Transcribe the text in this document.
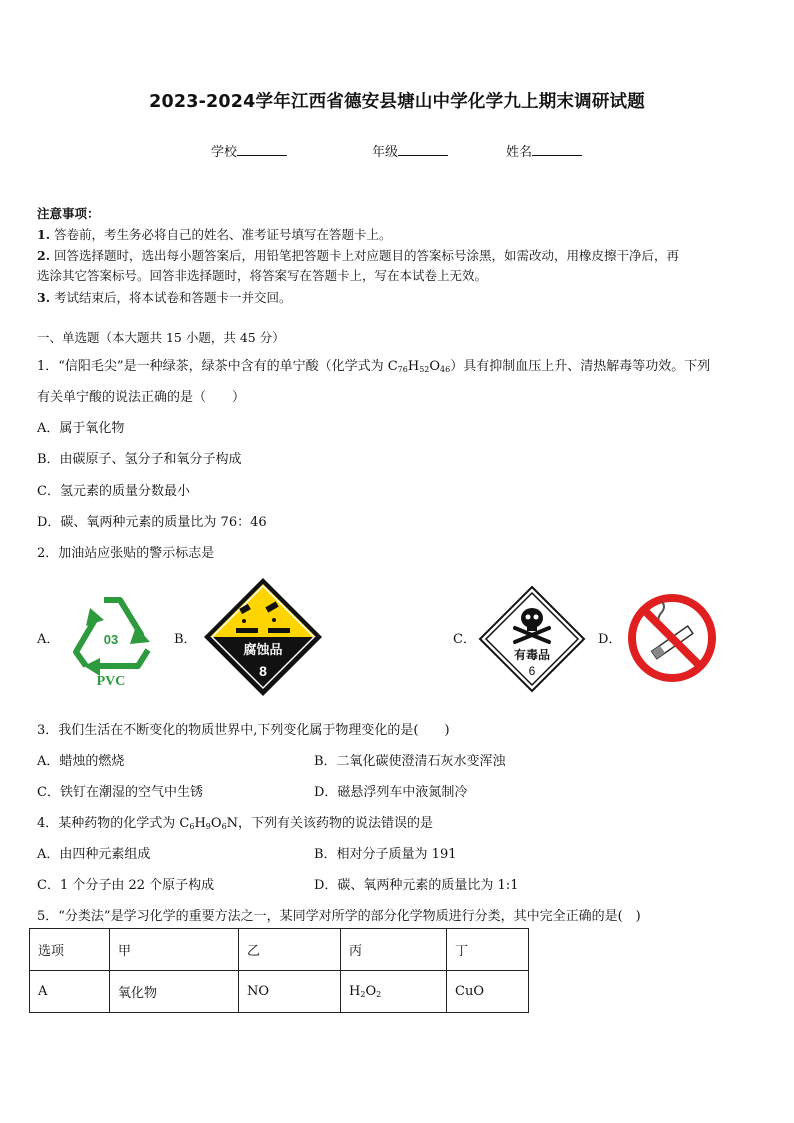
2023-2024学年江西省德安县塘山中学化学九上期末调研试题
学校	年级	姓名
注意事项：
1. 答卷前，考生务必将自己的姓名、准考证号填写在答题卡上。
2. 回答选择题时，选出每小题答案后，用铅笔把答题卡上对应题目的答案标号涂黑，如需改动，用橡皮擦干净后，再
选涂其它答案标号。回答非选择题时，将答案写在答题卡上，写在本试卷上无效。
3. 考试结束后，将本试卷和答题卡一并交回。
一、单选题（本大题共 15 小题，共 45 分）
1．“信阳毛尖”是一种绿茶，绿茶中含有的单宁酸（化学式为 $C_{76}H_{52}O_{46}$）具有抑制血压上升、清热解毒等功效。下列
有关单宁酸的说法正确的是（　　）
A．属于氧化物
B．由碳原子、氢分子和氧分子构成
C．氢元素的质量分数最小
D．碳、氧两种元素的质量比为 76：46
2．加油站应张贴的警示标志是
A．	03
PVC
B．
腐蚀品
8
C．
有毒品
6
D．
3．我们生活在不断变化的物质世界中,下列变化属于物理变化的是(　　)
A．蜡烛的燃烧	B．二氧化碳使澄清石灰水变浑浊
C．铁钉在潮湿的空气中生锈	D．磁悬浮列车中液氮制冷
4．某种药物的化学式为 $C_6H_9O_6N$，下列有关该药物的说法错误的是
A．由四种元素组成	B．相对分子质量为 191
C．1 个分子由 22 个原子构成	D．碳、氧两种元素的质量比为 1:1
5．“分类法”是学习化学的重要方法之一，某同学对所学的部分化学物质进行分类，其中完全正确的是(　)
选项	甲	乙	丙	丁
A	氧化物	NO	$H_2O_2$	CuO
